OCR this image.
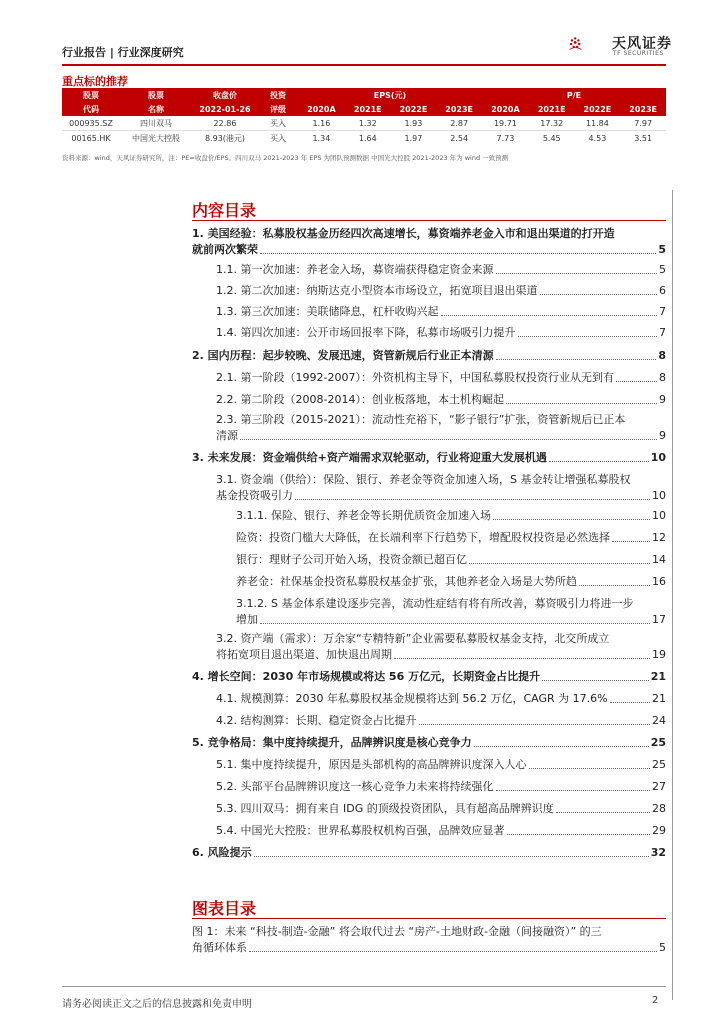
行业报告 | 行业深度研究
天风证券
TF SECURITIES
重点标的推荐
股票	股票	收盘价	投资	EPS(元)				P/E			
代码	名称	2022-01-26	评级	2020A	2021E	2022E	2023E	2020A	2021E	2022E	2023E
000935.SZ	四川双马	22.86	买入	1.16	1.32	1.93	2.87	19.71	17.32	11.84	7.97
00165.HK	中国光大控股	8.93(港元)	买入	1.34	1.64	1.97	2.54	7.73	5.45	4.53	3.51
资料来源：wind，天风证券研究所，注：PE=收盘价/EPS。四川双马 2021-2023 年 EPS 为团队预测数据 中国光大控股 2021-2023 年为 wind 一致预测
内容目录
1. 美国经验：私募股权基金历经四次高速增长，募资端养老金入市和退出渠道的打开造
就前两次繁荣	5
1.1. 第一次加速：养老金入场，募资端获得稳定资金来源	5
1.2. 第二次加速：纳斯达克小型资本市场设立，拓宽项目退出渠道	6
1.3. 第三次加速：美联储降息，杠杆收购兴起	7
1.4. 第四次加速：公开市场回报率下降，私募市场吸引力提升	7
2. 国内历程：起步较晚、发展迅速，资管新规后行业正本清源	8
2.1. 第一阶段（1992-2007）：外资机构主导下，中国私募股权投资行业从无到有	8
2.2. 第二阶段（2008-2014）：创业板落地，本土机构崛起	9
2.3. 第三阶段（2015-2021）：流动性充裕下，“影子银行”扩张，资管新规后已正本
清源	9
3. 未来发展：资金端供给+资产端需求双轮驱动，行业将迎重大发展机遇	10
3.1. 资金端（供给）：保险、银行、养老金等资金加速入场，S 基金转让增强私募股权
基金投资吸引力	10
3.1.1. 保险、银行、养老金等长期优质资金加速入场	10
险资：投资门槛大大降低，在长端利率下行趋势下，增配股权投资是必然选择	12
银行：理财子公司开始入场，投资金额已超百亿	14
养老金：社保基金投资私募股权基金扩张，其他养老金入场是大势所趋	16
3.1.2. S 基金体系建设逐步完善，流动性症结有将有所改善，募资吸引力将进一步
增加	17
3.2. 资产端（需求）：万余家“专精特新”企业需要私募股权基金支持，北交所成立
将拓宽项目退出渠道、加快退出周期	19
4. 增长空间：2030 年市场规模或将达 56 万亿元，长期资金占比提升	21
4.1. 规模测算：2030 年私募股权基金规模将达到 56.2 万亿，CAGR 为 17.6%	21
4.2. 结构测算：长期、稳定资金占比提升	24
5. 竞争格局：集中度持续提升，品牌辨识度是核心竞争力	25
5.1. 集中度持续提升，原因是头部机构的高品牌辨识度深入人心	25
5.2. 头部平台品牌辨识度这一核心竞争力未来将持续强化	27
5.3. 四川双马：拥有来自 IDG 的顶级投资团队，具有超高品牌辨识度	28
5.4. 中国光大控股：世界私募股权机构百强，品牌效应显著	29
6. 风险提示	32
图表目录
图 1：未来 “科技-制造-金融” 将会取代过去 “房产-土地财政-金融（间接融资）” 的三
角循环体系	5
请务必阅读正文之后的信息披露和免责申明	2
